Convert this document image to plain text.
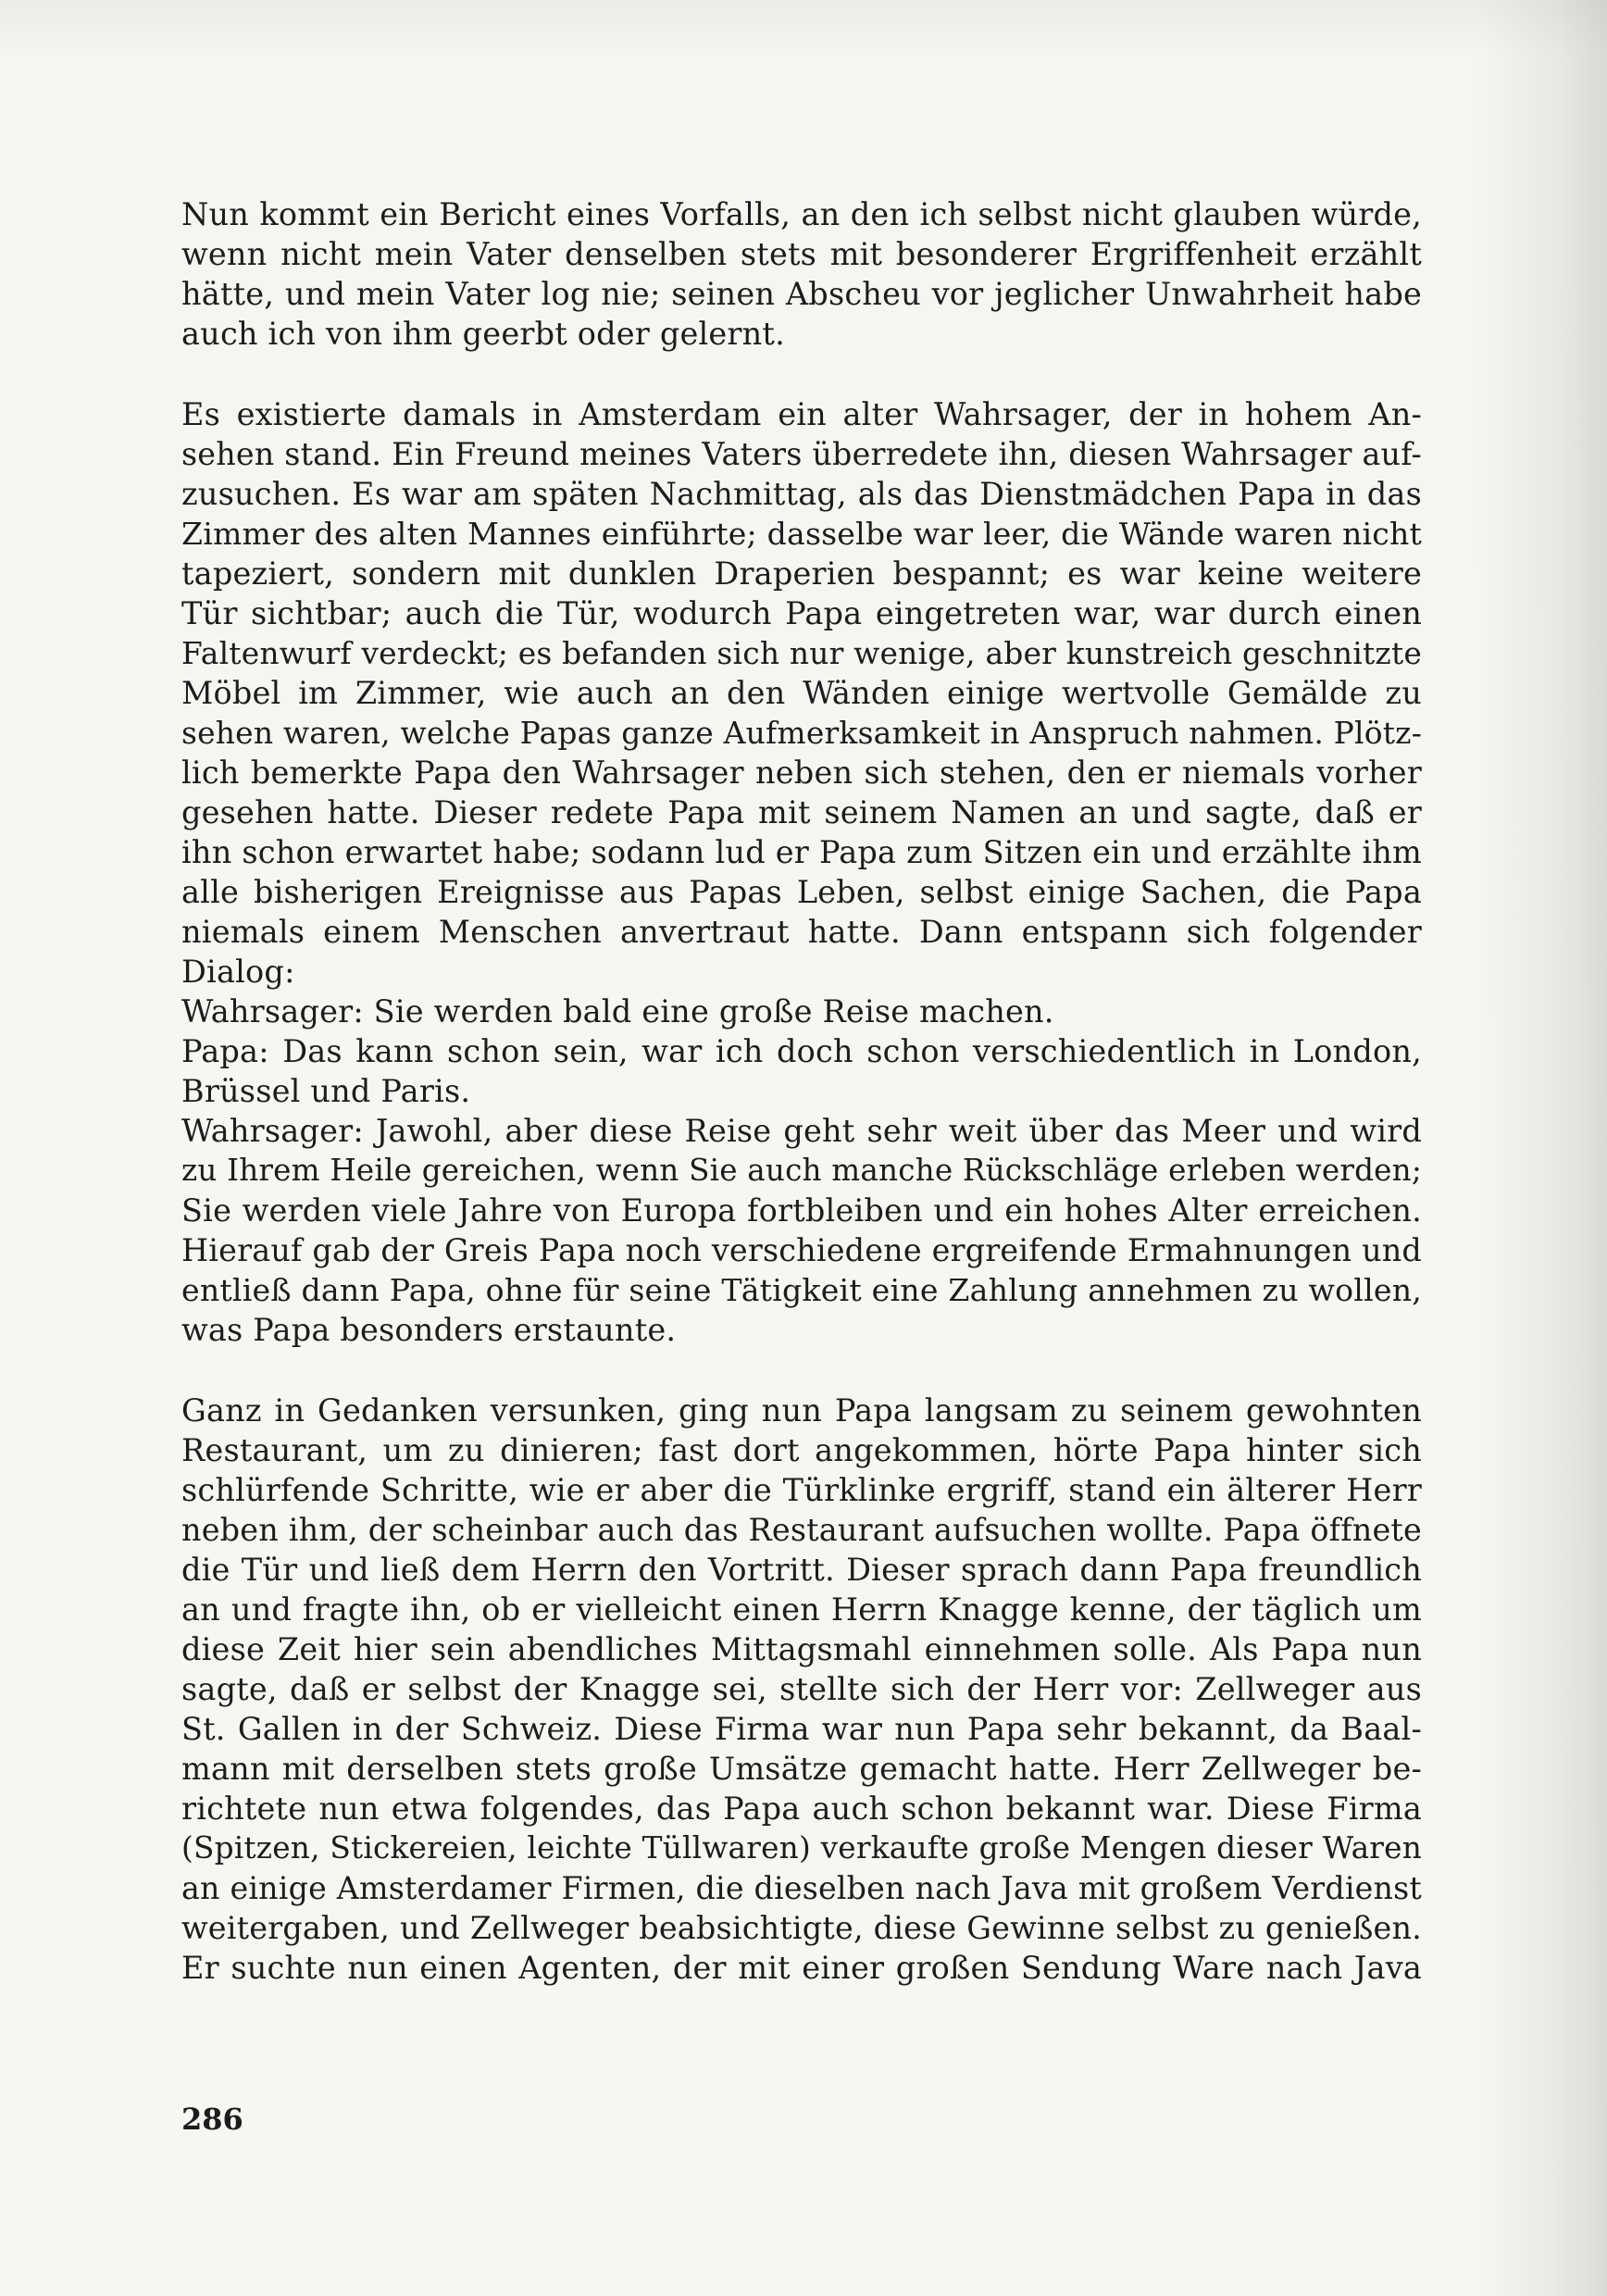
Nun kommt ein Bericht eines Vorfalls, an den ich selbst nicht glauben würde,
wenn nicht mein Vater denselben stets mit besonderer Ergriffenheit erzählt
hätte, und mein Vater log nie; seinen Abscheu vor jeglicher Unwahrheit habe
auch ich von ihm geerbt oder gelernt.

Es existierte damals in Amsterdam ein alter Wahrsager, der in hohem An-
sehen stand. Ein Freund meines Vaters überredete ihn, diesen Wahrsager auf-
zusuchen. Es war am späten Nachmittag, als das Dienstmädchen Papa in das
Zimmer des alten Mannes einführte; dasselbe war leer, die Wände waren nicht
tapeziert, sondern mit dunklen Draperien bespannt; es war keine weitere
Tür sichtbar; auch die Tür, wodurch Papa eingetreten war, war durch einen
Faltenwurf verdeckt; es befanden sich nur wenige, aber kunstreich geschnitzte
Möbel im Zimmer, wie auch an den Wänden einige wertvolle Gemälde zu
sehen waren, welche Papas ganze Aufmerksamkeit in Anspruch nahmen. Plötz-
lich bemerkte Papa den Wahrsager neben sich stehen, den er niemals vorher
gesehen hatte. Dieser redete Papa mit seinem Namen an und sagte, daß er
ihn schon erwartet habe; sodann lud er Papa zum Sitzen ein und erzählte ihm
alle bisherigen Ereignisse aus Papas Leben, selbst einige Sachen, die Papa
niemals einem Menschen anvertraut hatte. Dann entspann sich folgender
Dialog:
Wahrsager: Sie werden bald eine große Reise machen.
Papa: Das kann schon sein, war ich doch schon verschiedentlich in London,
Brüssel und Paris.
Wahrsager: Jawohl, aber diese Reise geht sehr weit über das Meer und wird
zu Ihrem Heile gereichen, wenn Sie auch manche Rückschläge erleben werden;
Sie werden viele Jahre von Europa fortbleiben und ein hohes Alter erreichen.
Hierauf gab der Greis Papa noch verschiedene ergreifende Ermahnungen und
entließ dann Papa, ohne für seine Tätigkeit eine Zahlung annehmen zu wollen,
was Papa besonders erstaunte.

Ganz in Gedanken versunken, ging nun Papa langsam zu seinem gewohnten
Restaurant, um zu dinieren; fast dort angekommen, hörte Papa hinter sich
schlürfende Schritte, wie er aber die Türklinke ergriff, stand ein älterer Herr
neben ihm, der scheinbar auch das Restaurant aufsuchen wollte. Papa öffnete
die Tür und ließ dem Herrn den Vortritt. Dieser sprach dann Papa freundlich
an und fragte ihn, ob er vielleicht einen Herrn Knagge kenne, der täglich um
diese Zeit hier sein abendliches Mittagsmahl einnehmen solle. Als Papa nun
sagte, daß er selbst der Knagge sei, stellte sich der Herr vor: Zellweger aus
St. Gallen in der Schweiz. Diese Firma war nun Papa sehr bekannt, da Baal-
mann mit derselben stets große Umsätze gemacht hatte. Herr Zellweger be-
richtete nun etwa folgendes, das Papa auch schon bekannt war. Diese Firma
(Spitzen, Stickereien, leichte Tüllwaren) verkaufte große Mengen dieser Waren
an einige Amsterdamer Firmen, die dieselben nach Java mit großem Verdienst
weitergaben, und Zellweger beabsichtigte, diese Gewinne selbst zu genießen.
Er suchte nun einen Agenten, der mit einer großen Sendung Ware nach Java

286
